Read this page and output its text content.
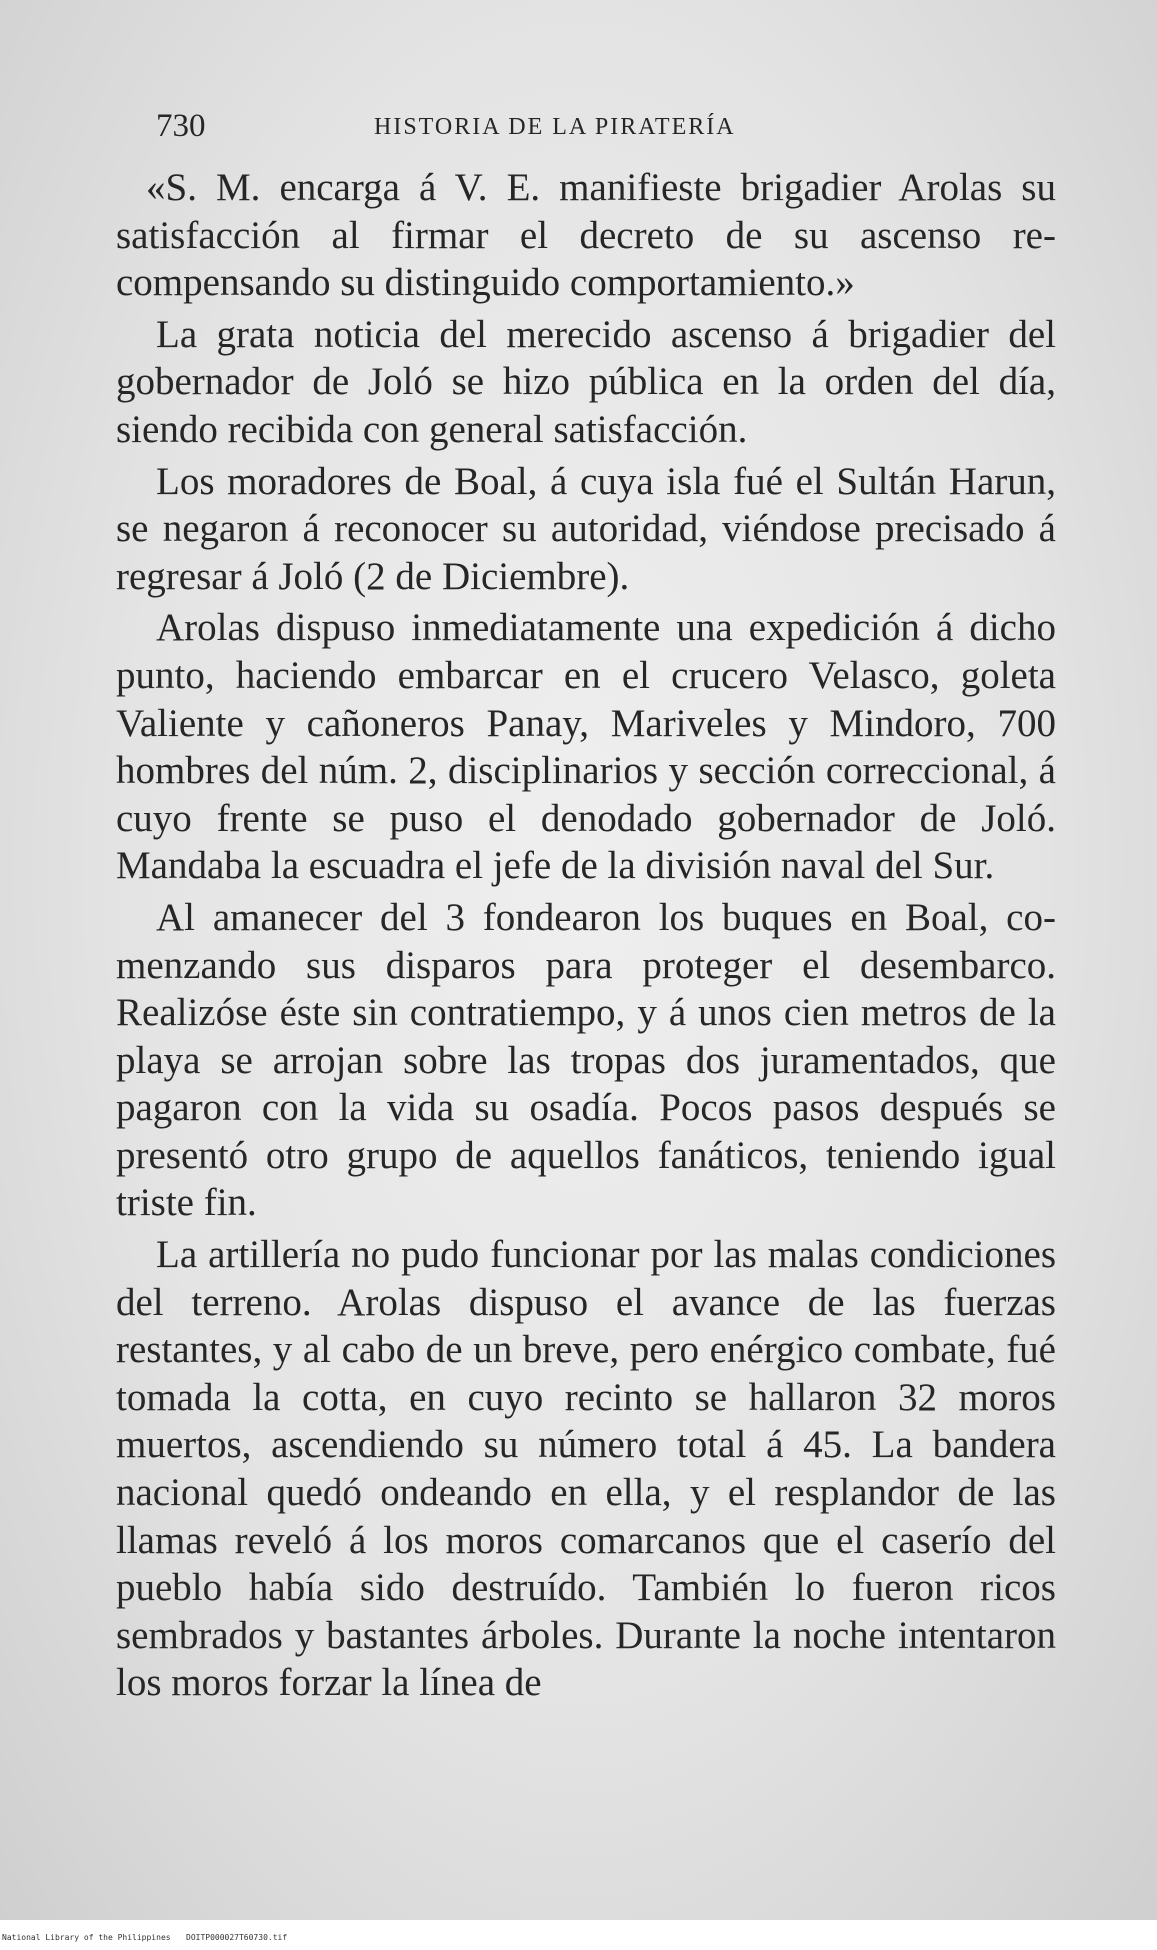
730	HISTORIA DE LA PIRATERÍA

«S. M. encarga á V. E. manifieste brigadier Arolas su satisfacción al firmar el decreto de su ascenso recompensando su distinguido comportamiento.»

La grata noticia del merecido ascenso á brigadier del gobernador de Joló se hizo pública en la orden del día, siendo recibida con general satisfacción.

Los moradores de Boal, á cuya isla fué el Sultán Harun, se negaron á reconocer su autoridad, viéndose precisado á regresar á Joló (2 de Diciembre).

Arolas dispuso inmediatamente una expedición á dicho punto, haciendo embarcar en el crucero Velasco, goleta Valiente y cañoneros Panay, Mariveles y Mindoro, 700 hombres del núm. 2, disciplinarios y sección correccional, á cuyo frente se puso el denodado gobernador de Joló. Mandaba la escuadra el jefe de la división naval del Sur.

Al amanecer del 3 fondearon los buques en Boal, comenzando sus disparos para proteger el desembarco. Realizóse éste sin contratiempo, y á unos cien metros de la playa se arrojan sobre las tropas dos juramentados, que pagaron con la vida su osadía. Pocos pasos después se presentó otro grupo de aquellos fanáticos, teniendo igual triste fin.

La artillería no pudo funcionar por las malas condiciones del terreno. Arolas dispuso el avance de las fuerzas restantes, y al cabo de un breve, pero enérgico combate, fué tomada la cotta, en cuyo recinto se hallaron 32 moros muertos, ascendiendo su número total á 45. La bandera nacional quedó ondeando en ella, y el resplandor de las llamas reveló á los moros comarcanos que el caserío del pueblo había sido destruído. También lo fueron ricos sembrados y bastantes árboles. Durante la noche intentaron los moros forzar la línea de

National Library of the Philippines DOITP000027T60730.tif
